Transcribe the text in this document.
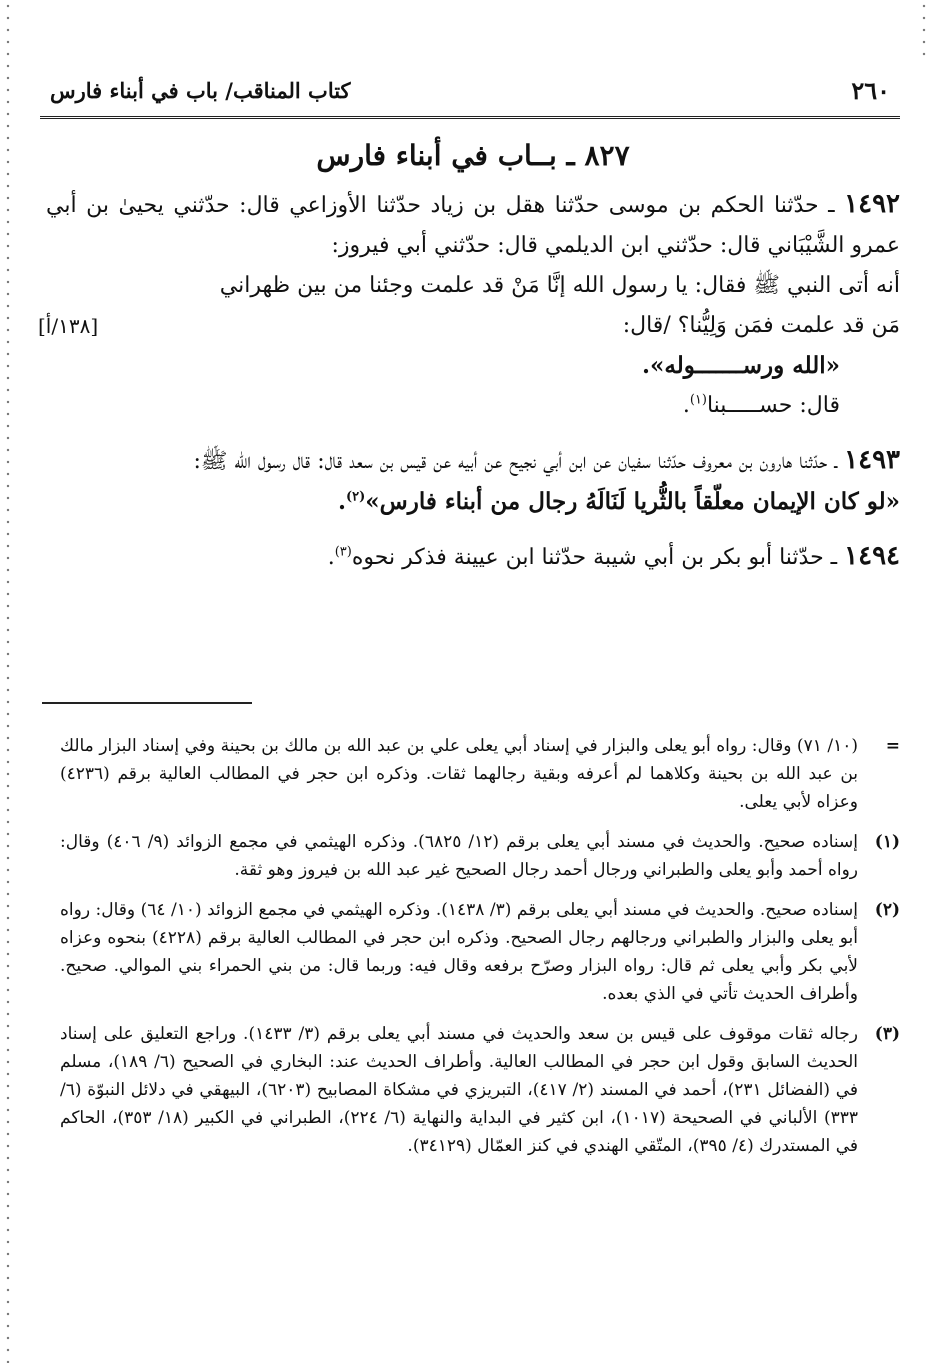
٢٦٠
كتاب المناقب/ باب في أبناء فارس
٨٢٧ ـ بــاب في أبناء فارس
١٤٩٢ ـ حدّثنا الحكم بن موسى حدّثنا هقل بن زياد حدّثنا الأوزاعي قال: حدّثني يحيىٰ بن أبي عمرو الشَّيْبَاني قال: حدّثني ابن الديلمي قال: حدّثني أبي فيروز:
أنه أتى النبي ﷺ فقال: يا رسول الله إنَّا مَنْ قد علمت وجئنا من بين ظهراني
مَن قد علمت فمَن وَلِيُّنا؟ /قال:
[١٣٨/أ]
«الله ورســـــــوله».
قال: حســـــبنا$^{(١)}$.
١٤٩٣ ـ حدّثنا هارون بن معروف حدّثنا سفيان عن ابن أبي نجيح عن أبيه عن قيس بن سعد قال: قال رسول الله ﷺ:
«لو كان الإيمان معلّقاً بالثُّريا لَنَالَهُ رجال من أبناء فارس»$^{(٢)}$.
١٤٩٤ ـ حدّثنا أبو بكر بن أبي شيبة حدّثنا ابن عيينة فذكر نحوه$^{(٣)}$.
=
(١٠/ ٧١) وقال: رواه أبو يعلى والبزار في إسناد أبي يعلى علي بن عبد الله بن مالك بن بحينة وفي إسناد البزار مالك بن عبد الله بن بحينة وكلاهما لم أعرفه وبقية رجالهما ثقات. وذكره ابن حجر في المطالب العالية برقم (٤٢٣٦) وعزاه لأبي يعلى.
(١)
إسناده صحيح. والحديث في مسند أبي يعلى برقم (١٢/ ٦٨٢٥). وذكره الهيثمي في مجمع الزوائد (٩/ ٤٠٦) وقال: رواه أحمد وأبو يعلى والطبراني ورجال أحمد رجال الصحيح غير عبد الله بن فيروز وهو ثقة.
(٢)
إسناده صحيح. والحديث في مسند أبي يعلى برقم (٣/ ١٤٣٨). وذكره الهيثمي في مجمع الزوائد (١٠/ ٦٤) وقال: رواه أبو يعلى والبزار والطبراني ورجالهم رجال الصحيح. وذكره ابن حجر في المطالب العالية برقم (٤٢٢٨) بنحوه وعزاه لأبي بكر وأبي يعلى ثم قال: رواه البزار وصرّح برفعه وقال فيه: وربما قال: من بني الحمراء بني الموالي. صحيح. وأطراف الحديث تأتي في الذي بعده.
(٣)
رجاله ثقات موقوف على قيس بن سعد والحديث في مسند أبي يعلى برقم (٣/ ١٤٣٣). وراجع التعليق على إسناد الحديث السابق وقول ابن حجر في المطالب العالية. وأطراف الحديث عند: البخاري في الصحيح (٦/ ١٨٩)، مسلم في (الفضائل ٢٣١)، أحمد في المسند (٢/ ٤١٧)، التبريزي في مشكاة المصابيح (٦٢٠٣)، البيهقي في دلائل النبوّة (٦/ ٣٣٣) الألباني في الصحيحة (١٠١٧)، ابن كثير في البداية والنهاية (٦/ ٢٢٤)، الطبراني في الكبير (١٨/ ٣٥٣)، الحاكم في المستدرك (٤/ ٣٩٥)، المتّقي الهندي في كنز العمّال (٣٤١٢٩).
